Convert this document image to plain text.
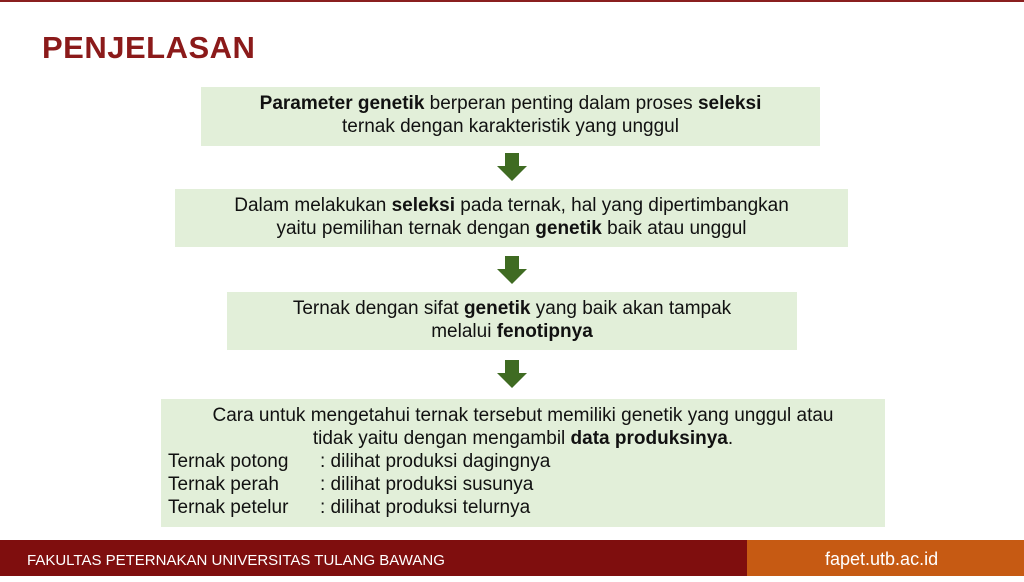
PENJELASAN
Parameter genetik berperan penting dalam proses seleksi
ternak dengan karakteristik yang unggul
Dalam melakukan seleksi pada ternak, hal yang dipertimbangkan
yaitu pemilihan ternak dengan genetik baik atau unggul
Ternak dengan sifat genetik yang baik akan tampak
melalui fenotipnya
Cara untuk mengetahui ternak tersebut memiliki genetik yang unggul atau
tidak yaitu dengan mengambil data produksinya.
Ternak potong	: dilihat produksi dagingnya
Ternak perah	: dilihat produksi susunya
Ternak petelur	: dilihat produksi telurnya
FAKULTAS PETERNAKAN UNIVERSITAS TULANG BAWANG	fapet.utb.ac.id
